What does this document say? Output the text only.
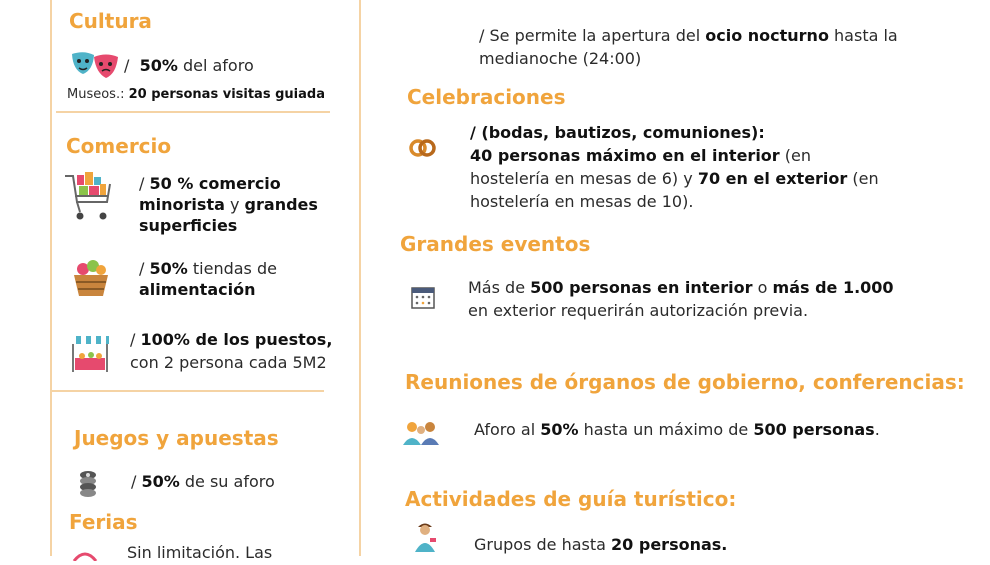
Cultura
/ 50% del aforo
Museos.: 20 personas visitas guiada
Comercio
/ 50 % comercio minorista y grandes superficies
/ 50% tiendas de alimentación
/ 100% de los puestos,
con 2 persona cada 5M2
Juegos y apuestas
/ 50% de su aforo
Ferias
Sin limitación. Las
/ Se permite la apertura del ocio nocturno hasta la medianoche (24:00)
Celebraciones
/ (bodas, bautizos, comuniones):
40 personas máximo en el interior (en hostelería en mesas de 6) y 70 en el exterior (en hostelería en mesas de 10).
Grandes eventos
Más de 500 personas en interior o más de 1.000 en exterior requerirán autorización previa.
Reuniones de órganos de gobierno, conferencias:
Aforo al 50% hasta un máximo de 500 personas.
Actividades de guía turístico:
Grupos de hasta 20 personas.
